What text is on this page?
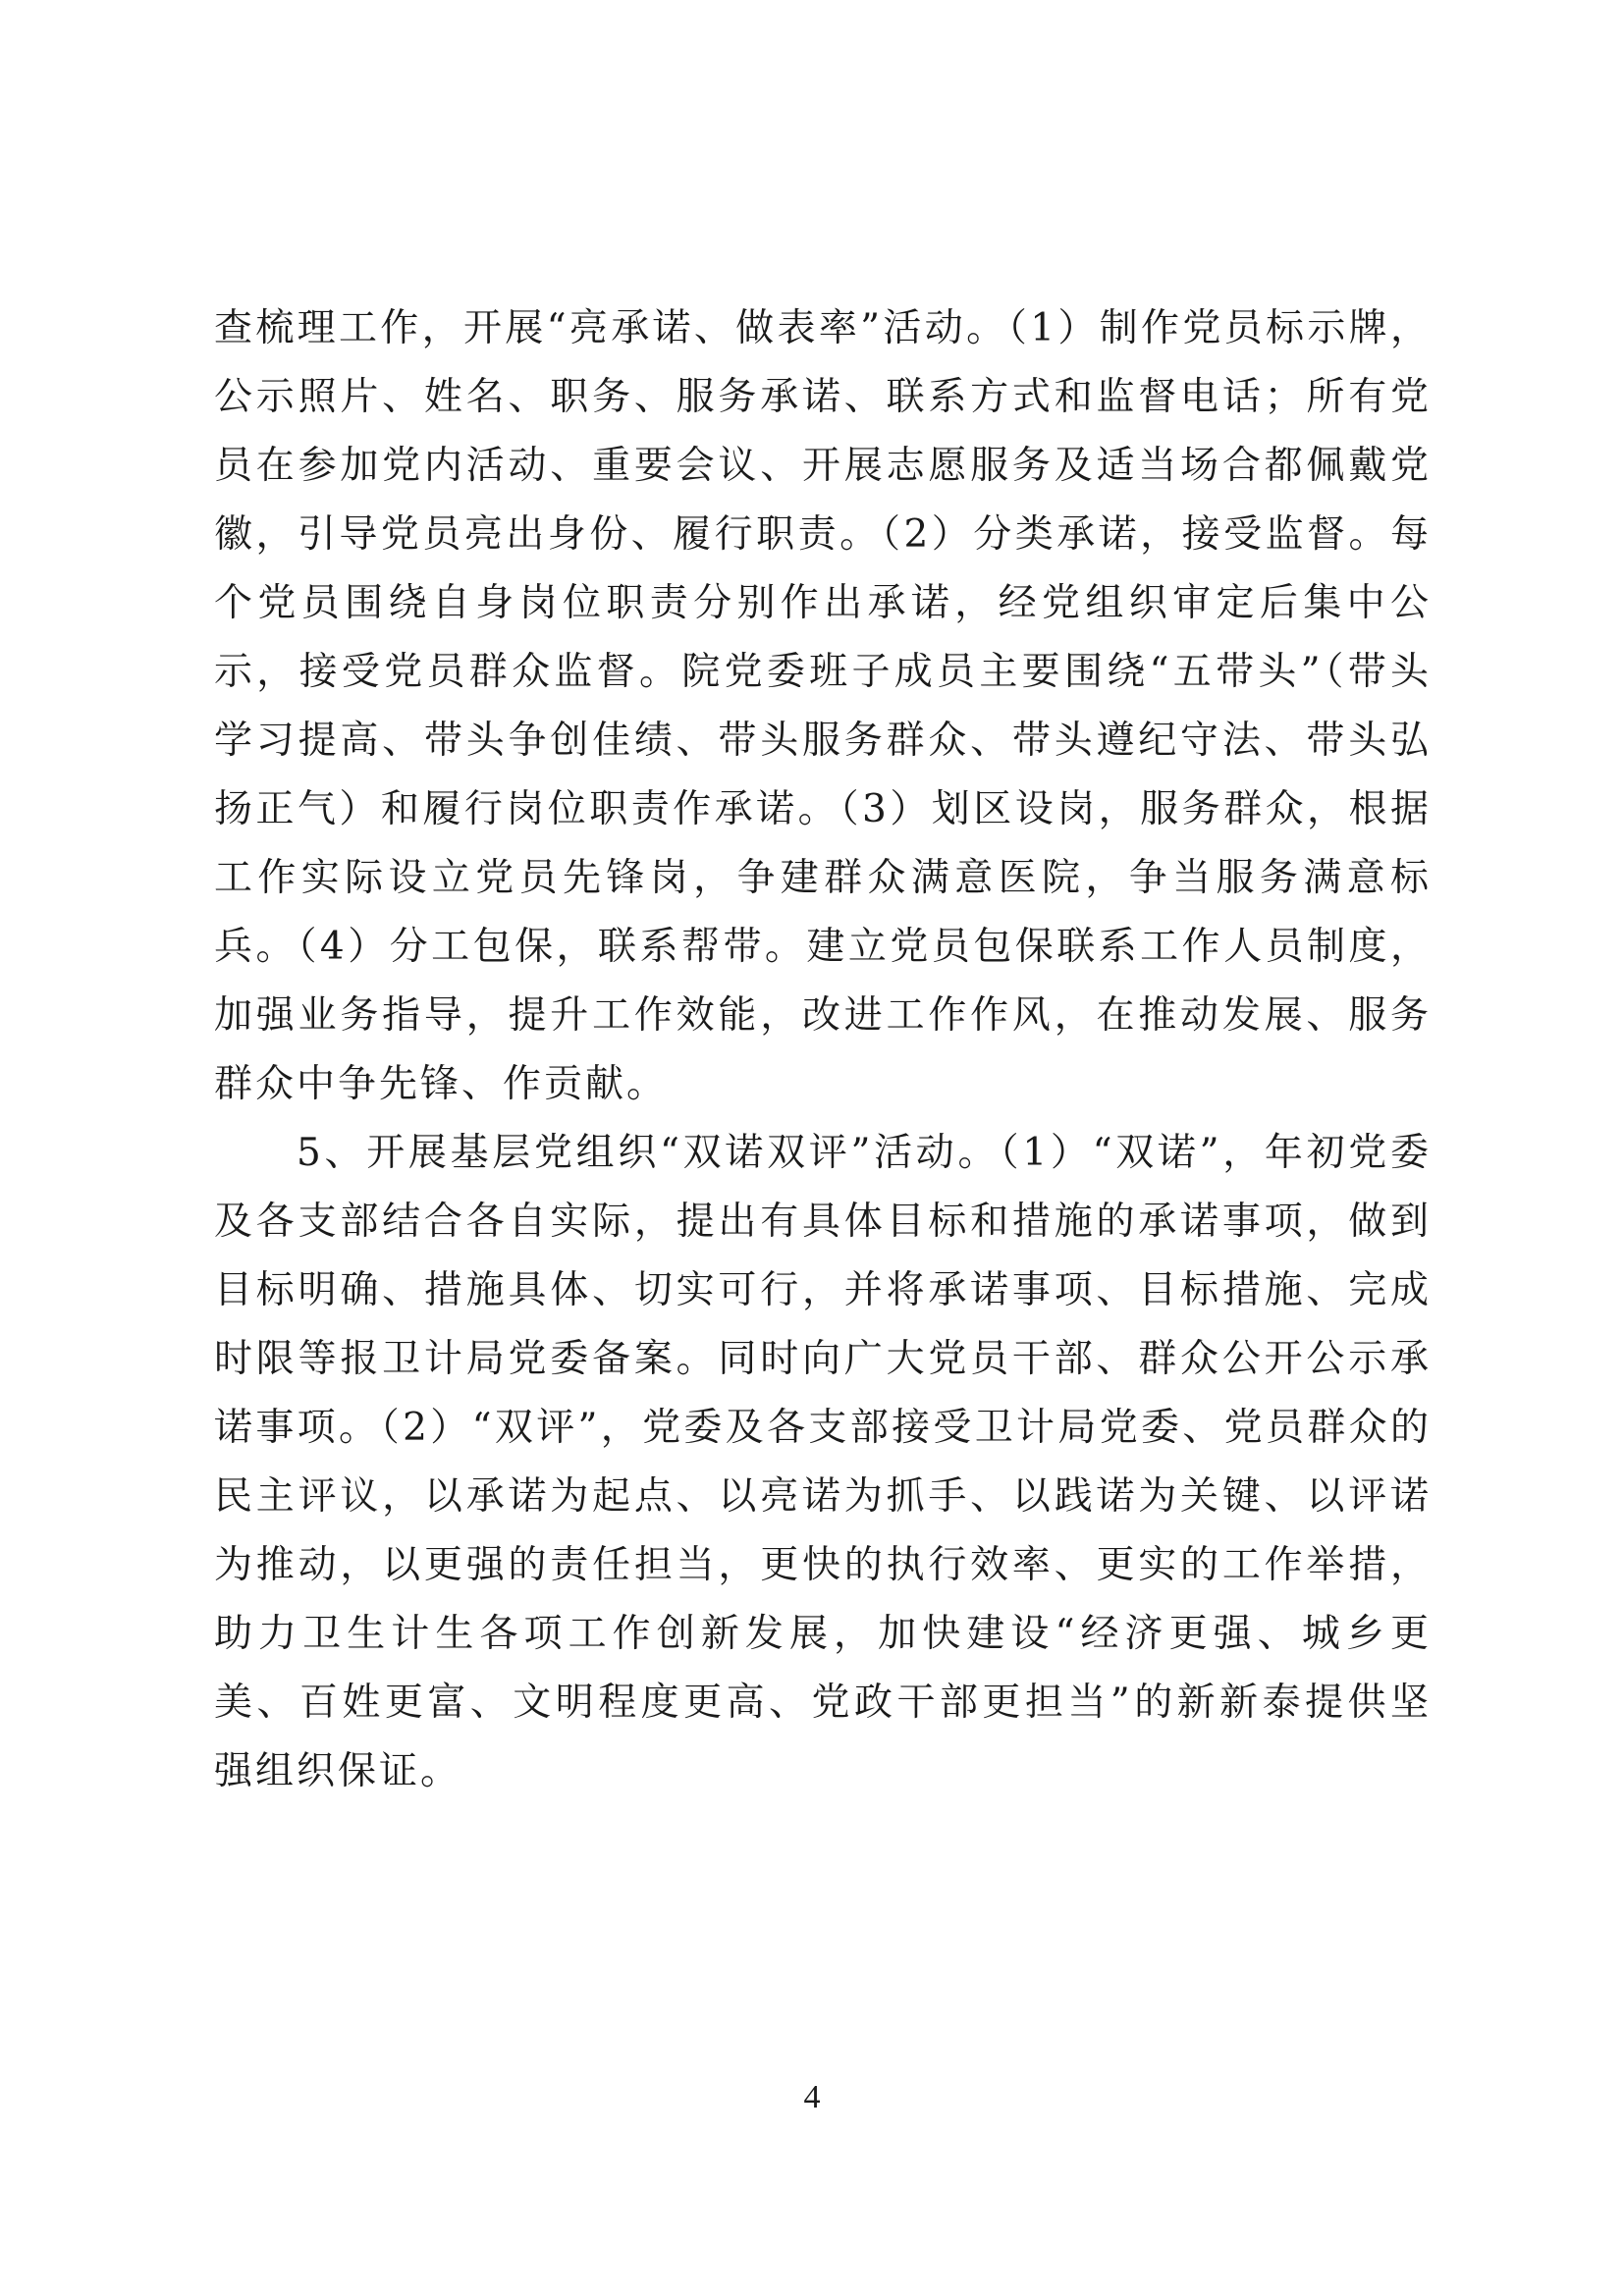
查梳理工作，开展“亮承诺、做表率”活动。（1）制作党员标示牌，公示照片、姓名、职务、服务承诺、联系方式和监督电话；所有党员在参加党内活动、重要会议、开展志愿服务及适当场合都佩戴党徽，引导党员亮出身份、履行职责。（2）分类承诺，接受监督。每个党员围绕自身岗位职责分别作出承诺，经党组织审定后集中公示，接受党员群众监督。院党委班子成员主要围绕“五带头”（带头学习提高、带头争创佳绩、带头服务群众、带头遵纪守法、带头弘扬正气）和履行岗位职责作承诺。（3）划区设岗，服务群众，根据工作实际设立党员先锋岗，争建群众满意医院，争当服务满意标兵。（4）分工包保，联系帮带。建立党员包保联系工作人员制度，加强业务指导，提升工作效能，改进工作作风，在推动发展、服务群众中争先锋、作贡献。

5、开展基层党组织“双诺双评”活动。（1）“双诺”，年初党委及各支部结合各自实际，提出有具体目标和措施的承诺事项，做到目标明确、措施具体、切实可行，并将承诺事项、目标措施、完成时限等报卫计局党委备案。同时向广大党员干部、群众公开公示承诺事项。（2）“双评”，党委及各支部接受卫计局党委、党员群众的民主评议，以承诺为起点、以亮诺为抓手、以践诺为关键、以评诺为推动，以更强的责任担当，更快的执行效率、更实的工作举措，助力卫生计生各项工作创新发展，加快建设“经济更强、城乡更美、百姓更富、文明程度更高、党政干部更担当”的新新泰提供坚强组织保证。

4
